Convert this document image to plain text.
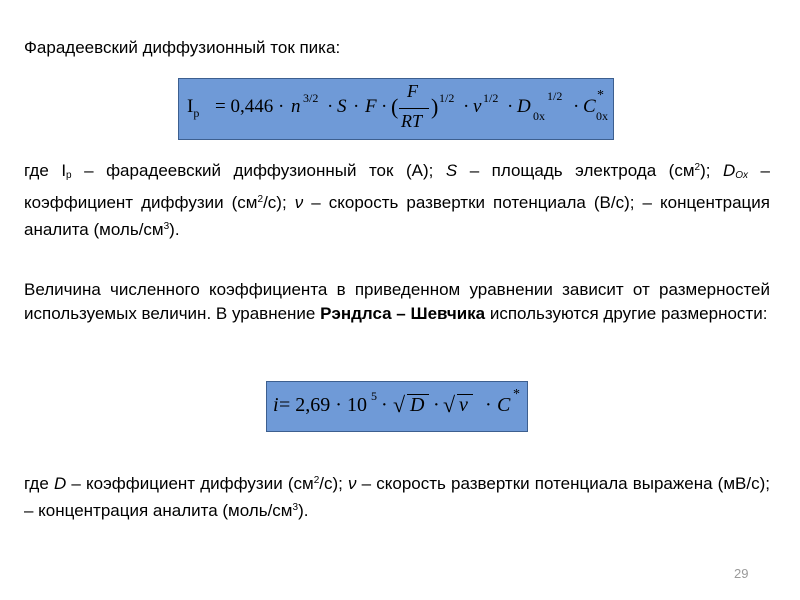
Фарадеевский диффузионный ток пика:
$I_p = 0,446 \cdot n$ 3/2 · S · F · (
F
RT
) 1/2 · ν 1/2 · D 0x
1/2 · C
*
0x
где $I_p$ – фарадеевский диффузионный ток (А); S – площадь электрода $(см^2)$; $D_{Ox}$ – коэффициент диффузии $(см^2/с)$; ν – скорость развертки потенциала (В/с); – концентрация аналита $(моль/см^3)$.
Величина численного коэффициента в приведенном уравнении зависит от размерностей используемых величин. В уравнение Рэндлса – Шевчика используются другие размерности:
i = 2,69 · 10 5 · √ D · √ ν · C *
где D – коэффициент диффузии $(см^2/с)$; ν – скорость развертки потенциала выражена (мВ/с); – концентрация аналита $(моль/см^3)$.
29
